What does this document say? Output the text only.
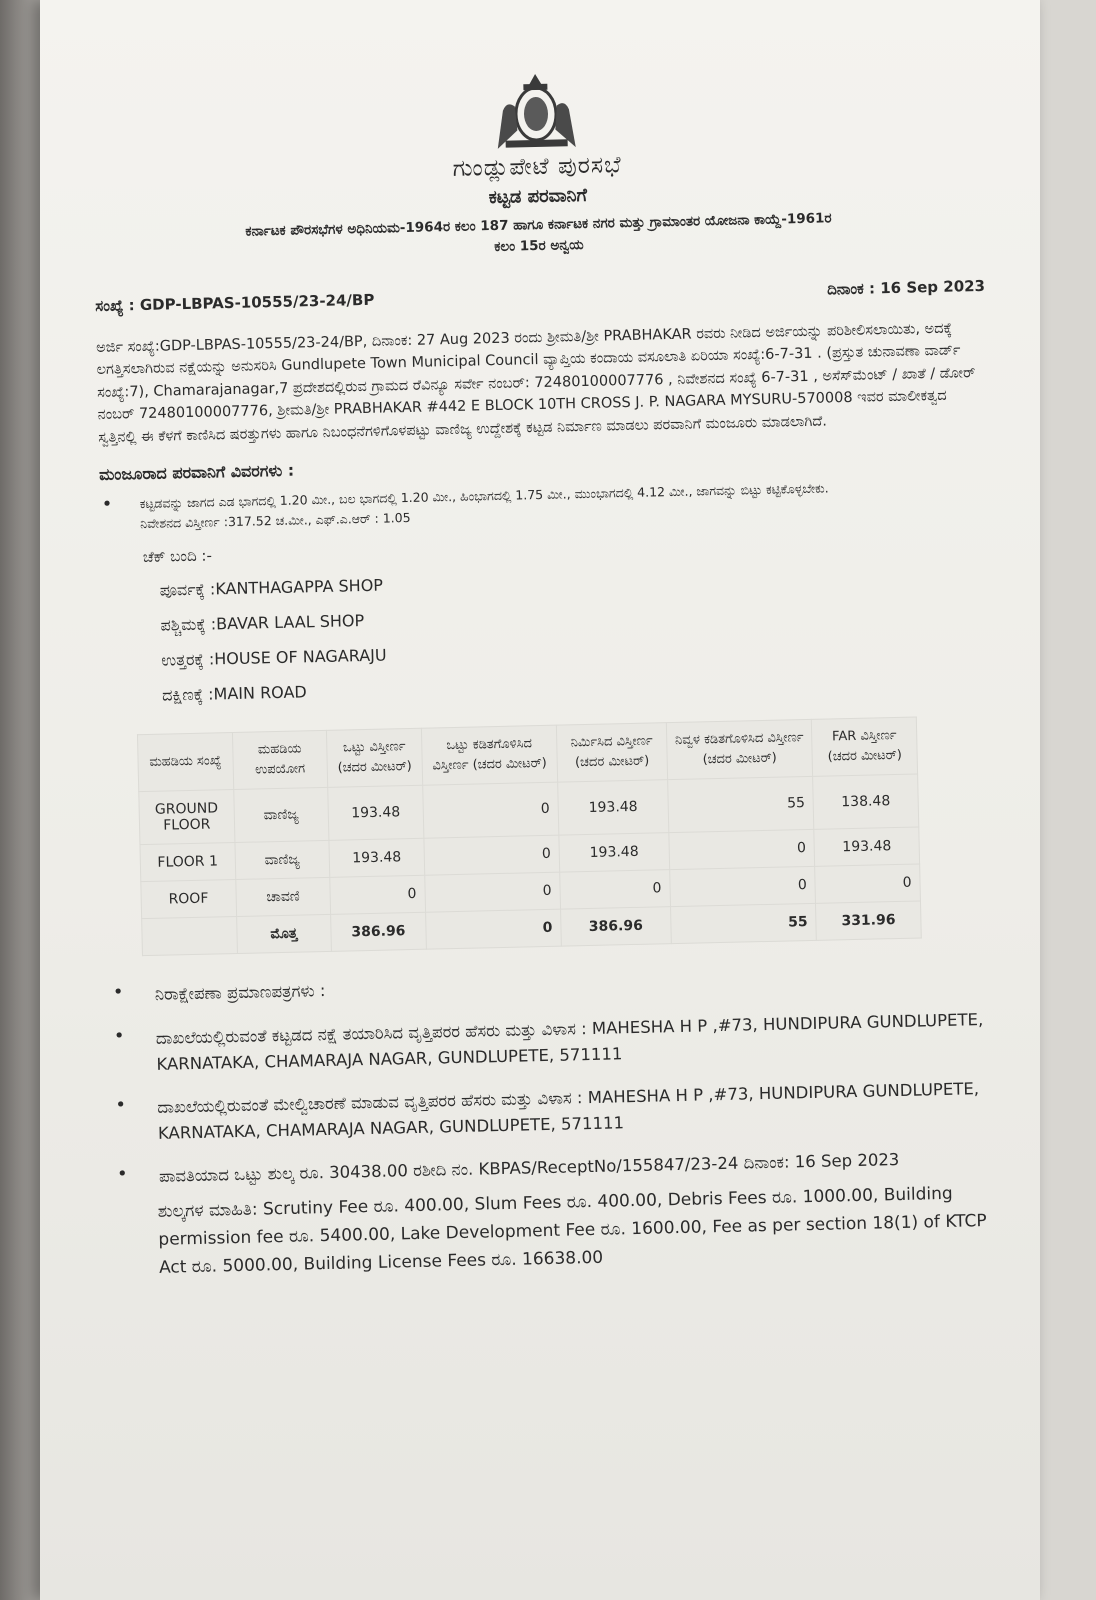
ಗುಂಡ್ಲುಪೇಟೆ ಪುರಸಭೆ
ಕಟ್ಟಡ ಪರವಾನಿಗೆ
ಕರ್ನಾಟಕ ಪೌರಸಭೆಗಳ ಅಧಿನಿಯಮ-1964ರ ಕಲಂ 187 ಹಾಗೂ ಕರ್ನಾಟಕ ನಗರ ಮತ್ತು ಗ್ರಾಮಾಂತರ ಯೋಜನಾ ಕಾಯ್ದೆ-1961ರ
ಕಲಂ 15ರ ಅನ್ವಯ
ಸಂಖ್ಯೆ : GDP-LBPAS-10555/23-24/BP
ದಿನಾಂಕ : 16 Sep 2023
ಅರ್ಜಿ ಸಂಖ್ಯೆ:GDP-LBPAS-10555/23-24/BP, ದಿನಾಂಕ: 27 Aug 2023 ರಂದು ಶ್ರೀಮತಿ/ಶ್ರೀ PRABHAKAR ರವರು ನೀಡಿದ ಅರ್ಜಿಯನ್ನು ಪರಿಶೀಲಿಸಲಾಯಿತು, ಅದಕ್ಕೆ ಲಗತ್ತಿಸಲಾಗಿರುವ ನಕ್ಷೆಯನ್ನು ಅನುಸರಿಸಿ Gundlupete Town Municipal Council ವ್ಯಾಪ್ತಿಯ ಕಂದಾಯ ವಸೂಲಾತಿ ಏರಿಯಾ ಸಂಖ್ಯೆ:6-7-31 . (ಪ್ರಸ್ತುತ ಚುನಾವಣಾ ವಾರ್ಡ್ ಸಂಖ್ಯೆ:7), Chamarajanagar,7 ಪ್ರದೇಶದಲ್ಲಿರುವ ಗ್ರಾಮದ ರೆವಿನ್ಯೂ ಸರ್ವೇ ನಂಬರ್: 72480100007776 , ನಿವೇಶನದ ಸಂಖ್ಯೆ 6-7-31 , ಅಸೆಸ್‌ಮೆಂಟ್ / ಖಾತೆ / ಡೋರ್ ನಂಬರ್ 72480100007776, ಶ್ರೀಮತಿ/ಶ್ರೀ PRABHAKAR #442 E BLOCK 10TH CROSS J. P. NAGARA MYSURU-570008 ಇವರ ಮಾಲೀಕತ್ವದ ಸ್ವತ್ತಿನಲ್ಲಿ ಈ ಕೆಳಗೆ ಕಾಣಿಸಿದ ಷರತ್ತುಗಳು ಹಾಗೂ ನಿಬಂಧನೆಗಳಿಗೊಳಪಟ್ಟು ವಾಣಿಜ್ಯ ಉದ್ದೇಶಕ್ಕೆ ಕಟ್ಟಡ ನಿರ್ಮಾಣ ಮಾಡಲು ಪರವಾನಿಗೆ ಮಂಜೂರು ಮಾಡಲಾಗಿದೆ.
ಮಂಜೂರಾದ ಪರವಾನಿಗೆ ವಿವರಗಳು :
•	ಕಟ್ಟಡವನ್ನು ಜಾಗದ ಎಡ ಭಾಗದಲ್ಲಿ 1.20 ಮೀ., ಬಲ ಭಾಗದಲ್ಲಿ 1.20 ಮೀ., ಹಿಂಭಾಗದಲ್ಲಿ 1.75 ಮೀ., ಮುಂಭಾಗದಲ್ಲಿ 4.12 ಮೀ., ಜಾಗವನ್ನು ಬಿಟ್ಟು ಕಟ್ಟಿಕೊಳ್ಳಬೇಕು.
ನಿವೇಶನದ ವಿಸ್ತೀರ್ಣ :317.52 ಚ.ಮೀ., ಎಫ್.ಎ.ಆರ್ : 1.05
ಚೆಕ್ ಬಂದಿ :-
ಪೂರ್ವಕ್ಕೆ :KANTHAGAPPA SHOP
ಪಶ್ಚಿಮಕ್ಕೆ :BAVAR LAAL SHOP
ಉತ್ತರಕ್ಕೆ :HOUSE OF NAGARAJU
ದಕ್ಷಿಣಕ್ಕೆ :MAIN ROAD
ಮಹಡಿಯ ಸಂಖ್ಯೆ	ಮಹಡಿಯ ಉಪಯೋಗ	ಒಟ್ಟು ವಿಸ್ತೀರ್ಣ (ಚದರ ಮೀಟರ್)	ಒಟ್ಟು ಕಡಿತಗೊಳಿಸಿದ ವಿಸ್ತೀರ್ಣ (ಚದರ ಮೀಟರ್)	ನಿರ್ಮಿಸಿದ ವಿಸ್ತೀರ್ಣ (ಚದರ ಮೀಟರ್)	ನಿವ್ವಳ ಕಡಿತಗೊಳಿಸಿದ ವಿಸ್ತೀರ್ಣ (ಚದರ ಮೀಟರ್)	FAR ವಿಸ್ತೀರ್ಣ (ಚದರ ಮೀಟರ್)
GROUND FLOOR	ವಾಣಿಜ್ಯ	193.48	0	193.48	55	138.48
FLOOR 1	ವಾಣಿಜ್ಯ	193.48	0	193.48	0	193.48
ROOF	ಚಾವಣಿ	0	0	0	0	0
	ಮೊತ್ತ	386.96	0	386.96	55	331.96
•	ನಿರಾಕ್ಷೇಪಣಾ ಪ್ರಮಾಣಪತ್ರಗಳು :
•	ದಾಖಲೆಯಲ್ಲಿರುವಂತೆ ಕಟ್ಟಡದ ನಕ್ಷೆ ತಯಾರಿಸಿದ ವೃತ್ತಿಪರರ ಹೆಸರು ಮತ್ತು ವಿಳಾಸ : MAHESHA H P ,#73, HUNDIPURA GUNDLUPETE, KARNATAKA, CHAMARAJA NAGAR, GUNDLUPETE, 571111
•	ದಾಖಲೆಯಲ್ಲಿರುವಂತೆ ಮೇಲ್ವಿಚಾರಣೆ ಮಾಡುವ ವೃತ್ತಿಪರರ ಹೆಸರು ಮತ್ತು ವಿಳಾಸ : MAHESHA H P ,#73, HUNDIPURA GUNDLUPETE, KARNATAKA, CHAMARAJA NAGAR, GUNDLUPETE, 571111
•	ಪಾವತಿಯಾದ ಒಟ್ಟು ಶುಲ್ಕ ರೂ. 30438.00 ರಶೀದಿ ನಂ. KBPAS/ReceptNo/155847/23-24 ದಿನಾಂಕ: 16 Sep 2023
ಶುಲ್ಕಗಳ ಮಾಹಿತಿ: Scrutiny Fee ರೂ. 400.00, Slum Fees ರೂ. 400.00, Debris Fees ರೂ. 1000.00, Building permission fee ರೂ. 5400.00, Lake Development Fee ರೂ. 1600.00, Fee as per section 18(1) of KTCP Act ರೂ. 5000.00, Building License Fees ರೂ. 16638.00
